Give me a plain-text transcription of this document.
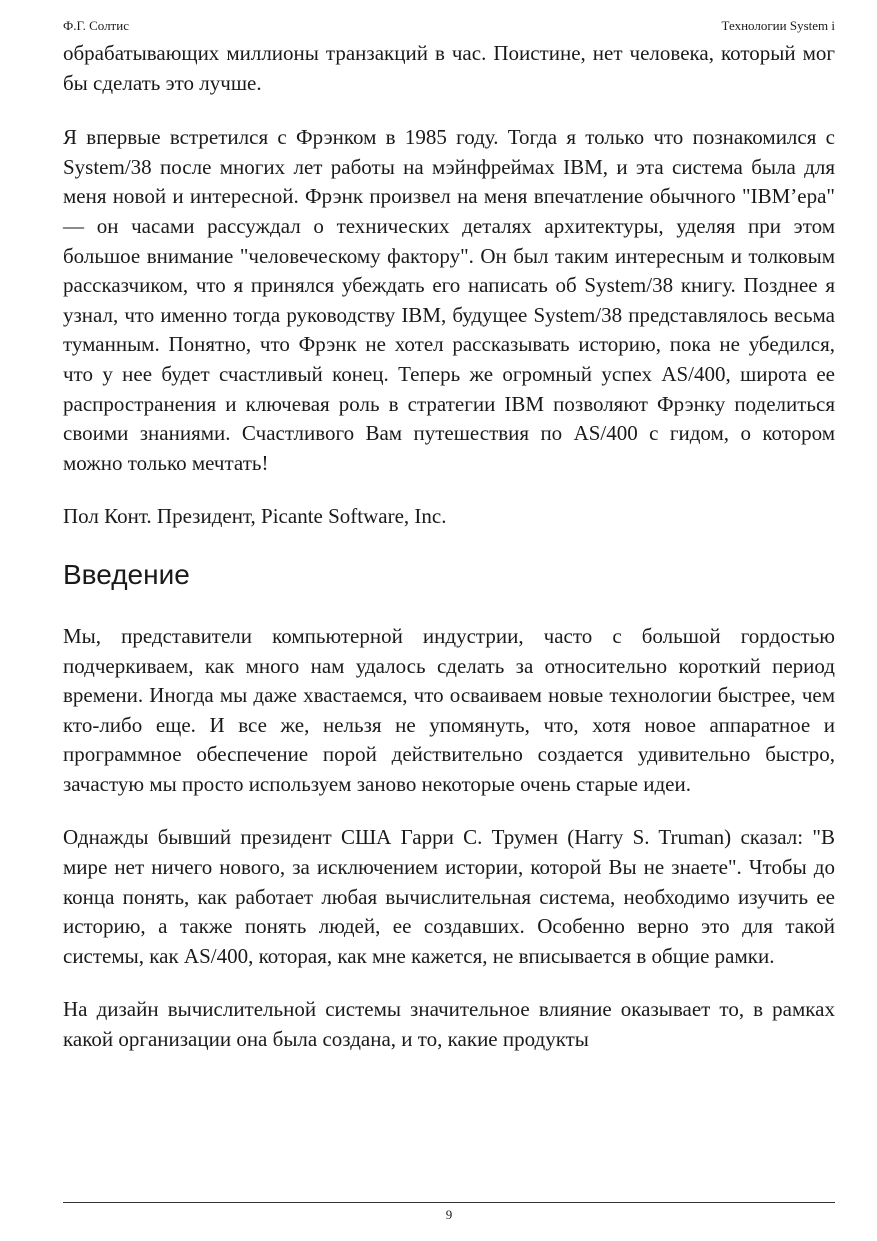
Ф.Г. Солтис	Технологии System i

обрабатывающих миллионы транзакций в час. Поистине, нет человека, который мог бы сделать это лучше.

Я впервые встретился с Фрэнком в 1985 году. Тогда я только что познакомился с System/38 после многих лет работы на мэйнфреймах IBM, и эта система была для меня новой и интересной. Фрэнк произвел на меня впечатление обычного "IBM’ера" — он часами рассуждал о технических деталях архитектуры, уделяя при этом большое внимание "человеческому фактору". Он был таким интересным и толковым рассказчиком, что я принялся убеждать его написать об System/38 книгу. Позднее я узнал, что именно тогда руководству IBM, будущее System/38 представлялось весьма туманным. Понятно, что Фрэнк не хотел рассказывать историю, пока не убедился, что у нее будет счастливый конец. Теперь же огромный успех AS/400, широта ее распространения и ключевая роль в стратегии IBM позволяют Фрэнку поделиться своими знаниями. Счастливого Вам путешествия по AS/400 с гидом, о котором можно только мечтать!

Пол Конт. Президент, Picante Software, Inc.

Введение

Мы, представители компьютерной индустрии, часто с большой гордостью подчеркиваем, как много нам удалось сделать за относительно короткий период времени. Иногда мы даже хвастаемся, что осваиваем новые технологии быстрее, чем кто-либо еще. И все же, нельзя не упомянуть, что, хотя новое аппаратное и программное обеспечение порой действительно создается удивительно быстро, зачастую мы просто используем заново некоторые очень старые идеи.

Однажды бывший президент США Гарри С. Трумен (Harry S. Truman) сказал: "В мире нет ничего нового, за исключением истории, которой Вы не знаете". Чтобы до конца понять, как работает любая вычислительная система, необходимо изучить ее историю, а также понять людей, ее создавших. Особенно верно это для такой системы, как AS/400, которая, как мне кажется, не вписывается в общие рамки.

На дизайн вычислительной системы значительное влияние оказывает то, в рамках какой организации она была создана, и то, какие продукты

9
